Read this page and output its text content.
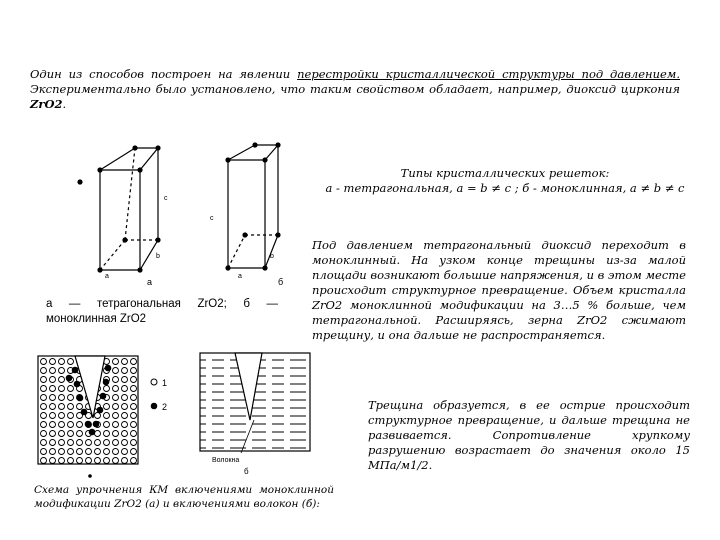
Один из способов построен на явлении перестройки кристаллической структуры под давлением. Экспериментально было установлено, что таким свойством обладает, например, диоксид циркония ZrO2.
Типы кристаллических решеток:
а - тетрагональная, а = b ≠ c ; б - моноклинная, а ≠ b ≠ c
Под давлением тетрагональный диоксид переходит в моноклинный. На узком конце трещины из-за малой площади возникают большие напряжения, и в этом месте происходит структурное превращение. Объем кристалла ZrO2 моноклинной модификации на 3…5 % больше, чем тетрагональной. Расширяясь, зерна ZrO2 сжимают трещину, и она дальше не распространяется.
Трещина образуется, в ее острие происходит структурное превращение, и дальше трещина не развивается. Сопротивление хрупкому разрушению возрастает до значения около 15 МПа/м1/2.
c
b
a
а
c
b
a
б
а — тетрагональная ZrO2; б —
моноклинная ZrO2
1
2
Волокна
б
Схема упрочнения КМ включениями моноклинной модификации ZrO2 (а) и включениями волокон (б):
